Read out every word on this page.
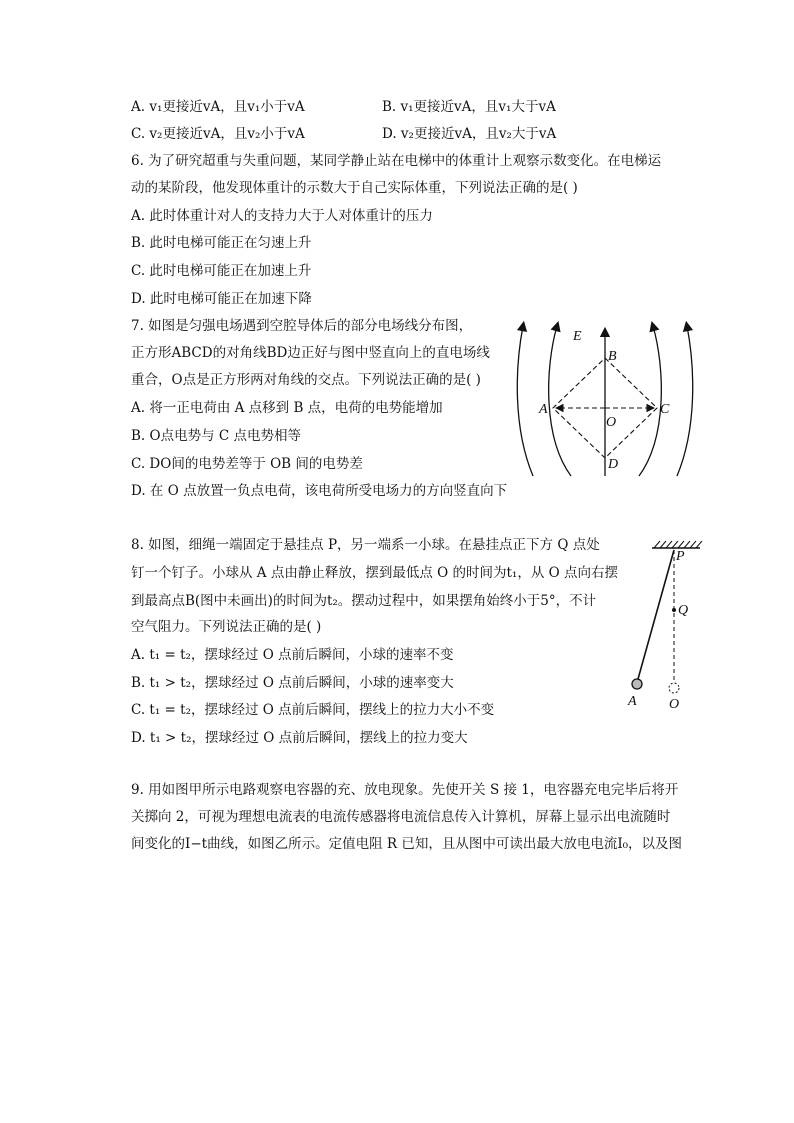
A. v₁更接近vA，且v₁小于vA	B. v₁更接近vA，且v₁大于vA
C. v₂更接近vA，且v₂小于vA	D. v₂更接近vA，且v₂大于vA
6. 为了研究超重与失重问题，某同学静止站在电梯中的体重计上观察示数变化。在电梯运
动的某阶段，他发现体重计的示数大于自己实际体重，下列说法正确的是( )
A. 此时体重计对人的支持力大于人对体重计的压力
B. 此时电梯可能正在匀速上升
C. 此时电梯可能正在加速上升
D. 此时电梯可能正在加速下降
7. 如图是匀强电场遇到空腔导体后的部分电场线分布图，
正方形ABCD的对角线BD边正好与图中竖直向上的直电场线
重合，O点是正方形两对角线的交点。下列说法正确的是( )
A. 将一正电荷由 A 点移到 B 点，电荷的电势能增加
B. O点电势与 C 点电势相等
C. DO间的电势差等于 OB 间的电势差
D. 在 O 点放置一负点电荷，该电荷所受电场力的方向竖直向下
E
B
A	C
O
D
8. 如图，细绳一端固定于悬挂点 P，另一端系一小球。在悬挂点正下方 Q 点处
钉一个钉子。小球从 A 点由静止释放，摆到最低点 O 的时间为t₁，从 O 点向右摆
到最高点B(图中未画出)的时间为t₂。摆动过程中，如果摆角始终小于5°，不计
空气阻力。下列说法正确的是( )
A. t₁ = t₂，摆球经过 O 点前后瞬间，小球的速率不变
B. t₁ > t₂，摆球经过 O 点前后瞬间，小球的速率变大
C. t₁ = t₂，摆球经过 O 点前后瞬间，摆线上的拉力大小不变
D. t₁ > t₂，摆球经过 O 点前后瞬间，摆线上的拉力变大
P
Q
A O
9. 用如图甲所示电路观察电容器的充、放电现象。先使开关 S 接 1，电容器充电完毕后将开
关掷向 2，可视为理想电流表的电流传感器将电流信息传入计算机，屏幕上显示出电流随时
间变化的I−t曲线，如图乙所示。定值电阻 R 已知，且从图中可读出最大放电电流I₀，以及图
